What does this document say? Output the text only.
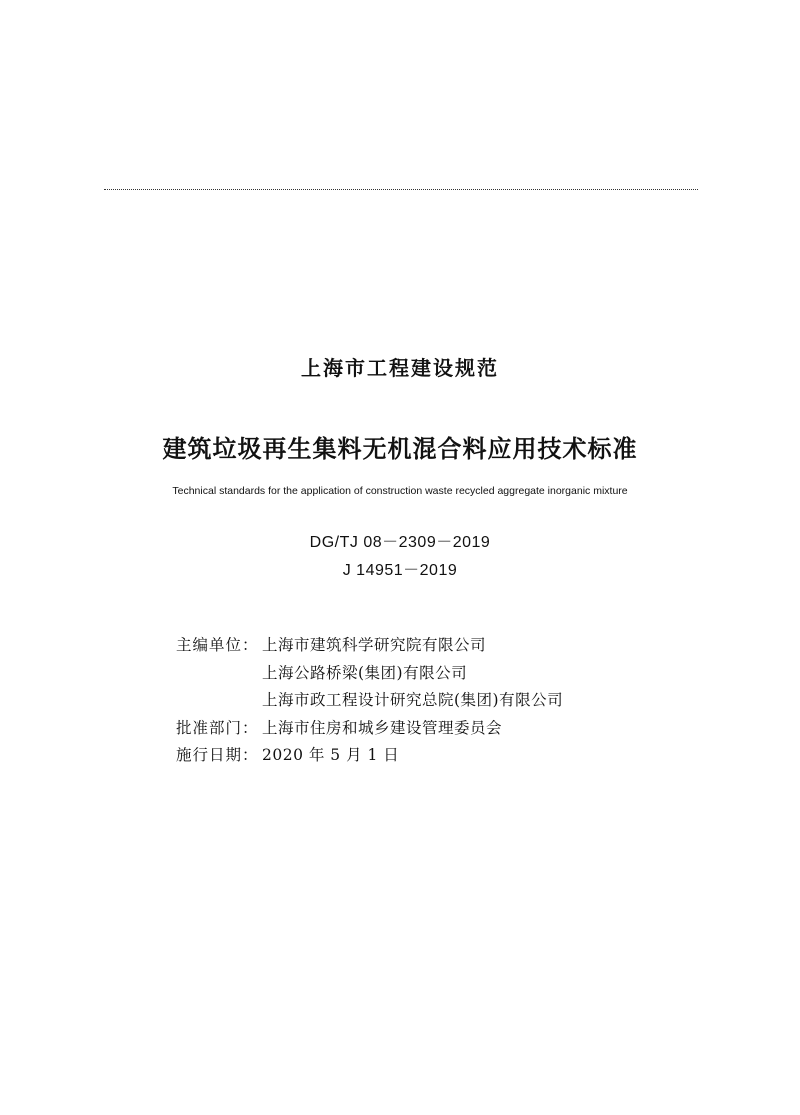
上海市工程建设规范
建筑垃圾再生集料无机混合料应用技术标准
Technical standards for the application of construction waste recycled aggregate inorganic mixture
DG/TJ 08－2309－2019
J 14951－2019
主编单位： 上海市建筑科学研究院有限公司
上海公路桥梁(集团)有限公司
上海市政工程设计研究总院(集团)有限公司
批准部门： 上海市住房和城乡建设管理委员会
施行日期： 2020 年 5 月 1 日
